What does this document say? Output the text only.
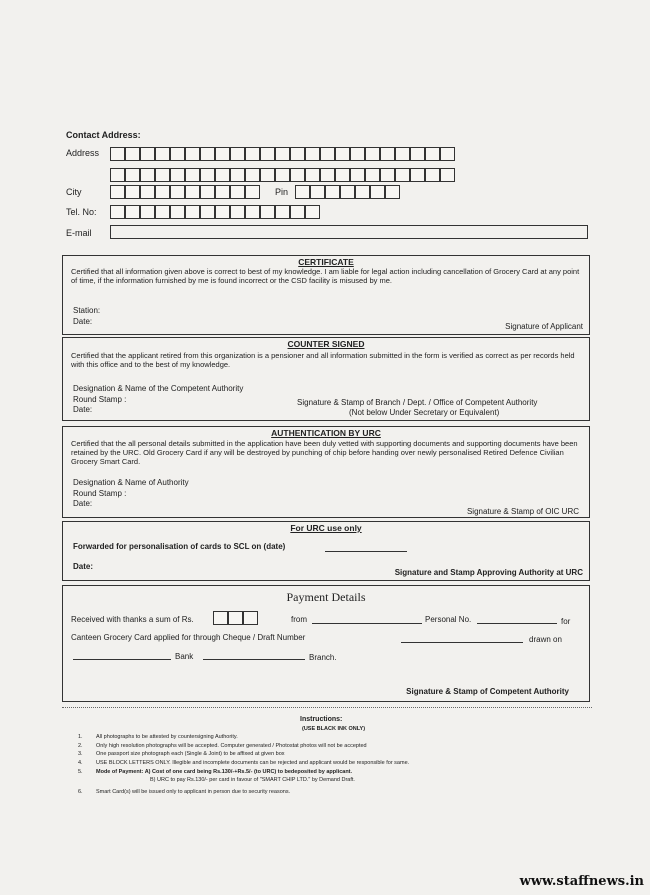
Contact Address:
Address
City	Pin
Tel. No:
E-mail
CERTIFICATE
Certified that all information given above is correct to best of my knowledge. I am liable for legal action including cancellation of Grocery Card at any point of time, if the information furnished by me is found incorrect or the CSD facility is misused by me.
Station:
Date:
Signature of Applicant
COUNTER SIGNED
Certified that the applicant retired from this organization is a pensioner and all information submitted in the form is verified as correct as per records held with this office and to the best of my knowledge.
Designation & Name of the Competent Authority
Round Stamp :
Date:
Signature & Stamp of Branch / Dept. / Office of Competent Authority
(Not below Under Secretary or Equivalent)
AUTHENTICATION BY URC
Certified that the all personal details submitted in the application have been duly vetted with supporting documents and supporting documents have been retained by the URC. Old Grocery Card if any will be destroyed by punching of chip before handing over newly personalised Retired Defence Civilian Grocery Smart Card.
Designation & Name of Authority
Round Stamp :
Date:
Signature & Stamp of OIC URC
For URC use only
Forwarded for personalisation of cards to SCL on (date)
Date:
Signature and Stamp Approving Authority at URC
Payment Details
Received with thanks a sum of Rs.	from	Personal No.	for
Canteen Grocery Card applied for through Cheque / Draft Number	drawn on
Bank	Branch.
Signature & Stamp of Competent Authority
Instructions:
(USE BLACK INK ONLY)
1. All photographs to be attested by countersigning Authority.
2. Only high resolution photographs will be accepted. Computer generated / Photostat photos will not be accepted
3. One passport size photograph each (Single & Joint) to be affixed at given box
4. USE BLOCK LETTERS ONLY. Illegible and incomplete documents can be rejected and applicant would be responsible for same.
5. Mode of Payment: A) Cost of one card being Rs.130/-+Rs.5/- (to URC) to bedeposited by applicant.
B) URC to pay Rs.130/- per card in favour of "SMART CHIP LTD." by Demand Draft.
6. Smart Card(s) will be issued only to applicant in person due to security reasons.
www.staffnews.in
